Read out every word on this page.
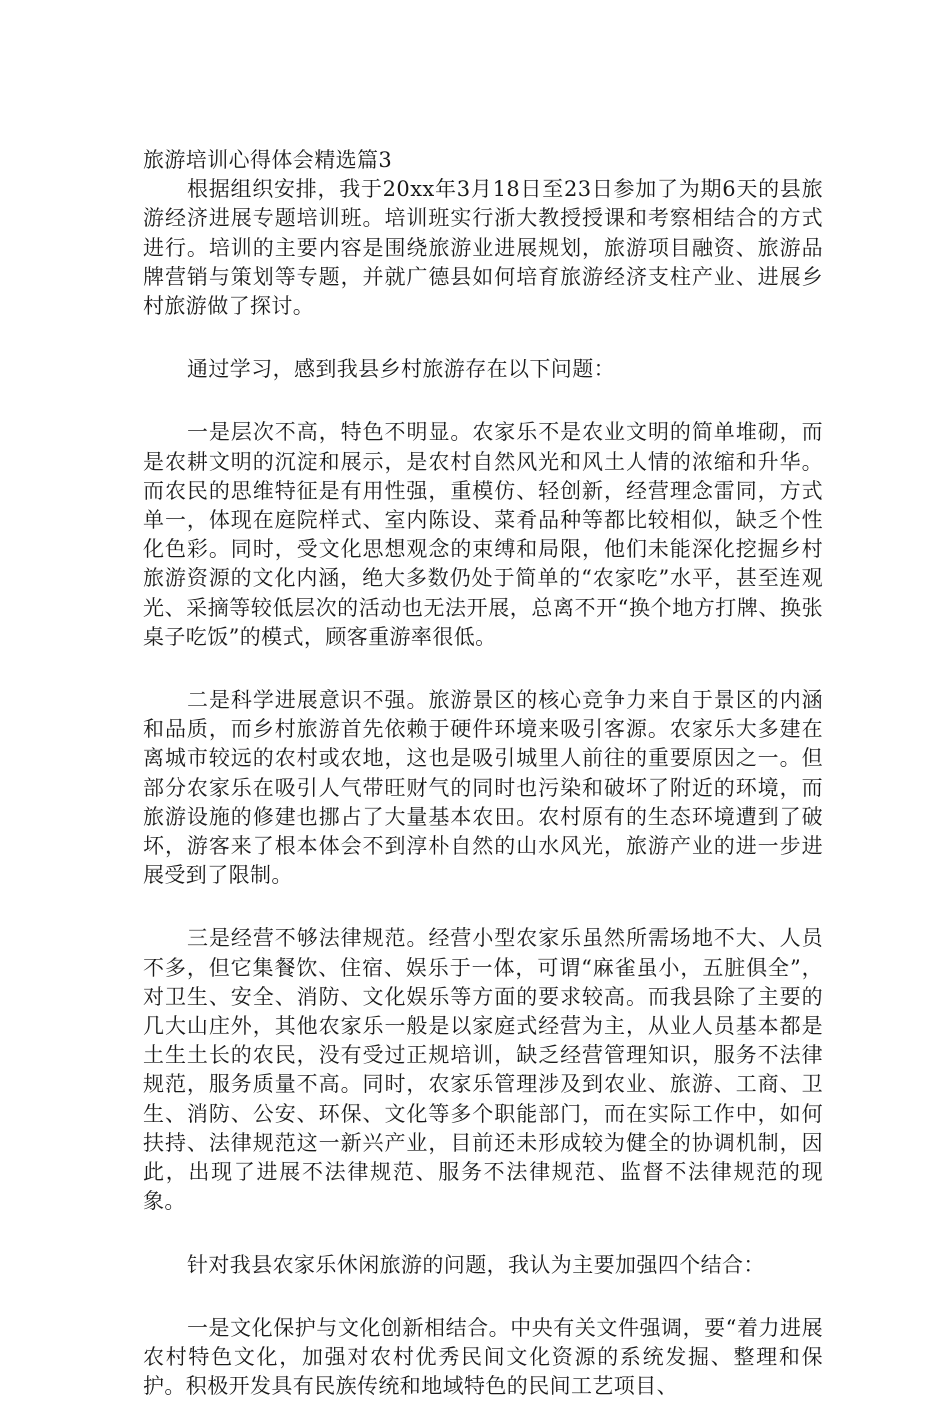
旅游培训心得体会精选篇3

根据组织安排，我于20xx年3月18日至23日参加了为期6天的县旅游经济进展专题培训班。培训班实行浙大教授授课和考察相结合的方式进行。培训的主要内容是围绕旅游业进展规划，旅游项目融资、旅游品牌营销与策划等专题，并就广德县如何培育旅游经济支柱产业、进展乡村旅游做了探讨。

通过学习，感到我县乡村旅游存在以下问题：

一是层次不高，特色不明显。农家乐不是农业文明的简单堆砌，而是农耕文明的沉淀和展示，是农村自然风光和风土人情的浓缩和升华。而农民的思维特征是有用性强，重模仿、轻创新，经营理念雷同，方式单一，体现在庭院样式、室内陈设、菜肴品种等都比较相似，缺乏个性化色彩。同时，受文化思想观念的束缚和局限，他们未能深化挖掘乡村旅游资源的文化内涵，绝大多数仍处于简单的“农家吃”水平，甚至连观光、采摘等较低层次的活动也无法开展，总离不开“换个地方打牌、换张桌子吃饭”的模式，顾客重游率很低。

二是科学进展意识不强。旅游景区的核心竞争力来自于景区的内涵和品质，而乡村旅游首先依赖于硬件环境来吸引客源。农家乐大多建在离城市较远的农村或农地，这也是吸引城里人前往的重要原因之一。但部分农家乐在吸引人气带旺财气的同时也污染和破坏了附近的环境，而旅游设施的修建也挪占了大量基本农田。农村原有的生态环境遭到了破坏，游客来了根本体会不到淳朴自然的山水风光，旅游产业的进一步进展受到了限制。

三是经营不够法律规范。经营小型农家乐虽然所需场地不大、人员不多，但它集餐饮、住宿、娱乐于一体，可谓“麻雀虽小，五脏俱全”，对卫生、安全、消防、文化娱乐等方面的要求较高。而我县除了主要的几大山庄外，其他农家乐一般是以家庭式经营为主，从业人员基本都是土生土长的农民，没有受过正规培训，缺乏经营管理知识，服务不法律规范，服务质量不高。同时，农家乐管理涉及到农业、旅游、工商、卫生、消防、公安、环保、文化等多个职能部门，而在实际工作中，如何扶持、法律规范这一新兴产业，目前还未形成较为健全的协调机制，因此，出现了进展不法律规范、服务不法律规范、监督不法律规范的现象。

针对我县农家乐休闲旅游的问题，我认为主要加强四个结合：

一是文化保护与文化创新相结合。中央有关文件强调，要“着力进展农村特色文化，加强对农村优秀民间文化资源的系统发掘、整理和保护。积极开发具有民族传统和地域特色的民间工艺项目、
